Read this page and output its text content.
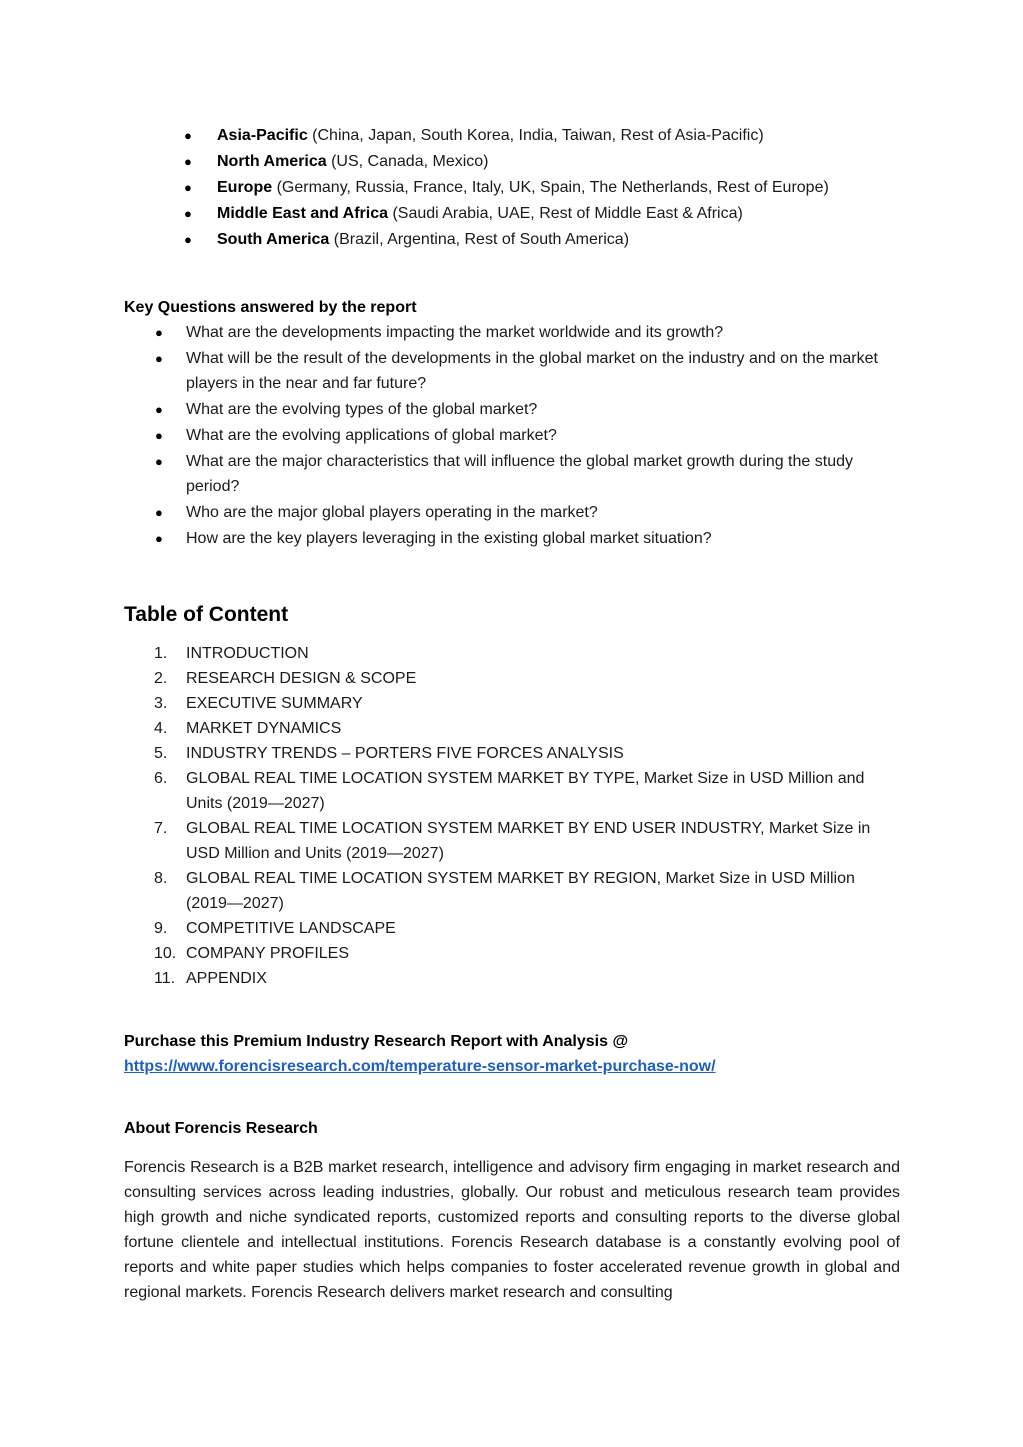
● Asia-Pacific (China, Japan, South Korea, India, Taiwan, Rest of Asia-Pacific)
● North America (US, Canada, Mexico)
● Europe (Germany, Russia, France, Italy, UK, Spain, The Netherlands, Rest of Europe)
● Middle East and Africa (Saudi Arabia, UAE, Rest of Middle East & Africa)
● South America (Brazil, Argentina, Rest of South America)

Key Questions answered by the report

● What are the developments impacting the market worldwide and its growth?
● What will be the result of the developments in the global market on the industry and on the market players in the near and far future?
● What are the evolving types of the global market?
● What are the evolving applications of global market?
● What are the major characteristics that will influence the global market growth during the study period?
● Who are the major global players operating in the market?
● How are the key players leveraging in the existing global market situation?
Table of Content
1. INTRODUCTION
2. RESEARCH DESIGN & SCOPE
3. EXECUTIVE SUMMARY
4. MARKET DYNAMICS
5. INDUSTRY TRENDS – PORTERS FIVE FORCES ANALYSIS
6. GLOBAL REAL TIME LOCATION SYSTEM MARKET BY TYPE, Market Size in USD Million and Units (2019—2027)
7. GLOBAL REAL TIME LOCATION SYSTEM MARKET BY END USER INDUSTRY, Market Size in USD Million and Units (2019—2027)
8. GLOBAL REAL TIME LOCATION SYSTEM MARKET BY REGION, Market Size in USD Million (2019—2027)
9. COMPETITIVE LANDSCAPE
10. COMPANY PROFILES
11. APPENDIX

Purchase this Premium Industry Research Report with Analysis @

https://www.forencisresearch.com/temperature-sensor-market-purchase-now/

About Forencis Research

Forencis Research is a B2B market research, intelligence and advisory firm engaging in market research and consulting services across leading industries, globally. Our robust and meticulous research team provides high growth and niche syndicated reports, customized reports and consulting reports to the diverse global fortune clientele and intellectual institutions. Forencis Research database is a constantly evolving pool of reports and white paper studies which helps companies to foster accelerated revenue growth in global and regional markets. Forencis Research delivers market research and consulting
